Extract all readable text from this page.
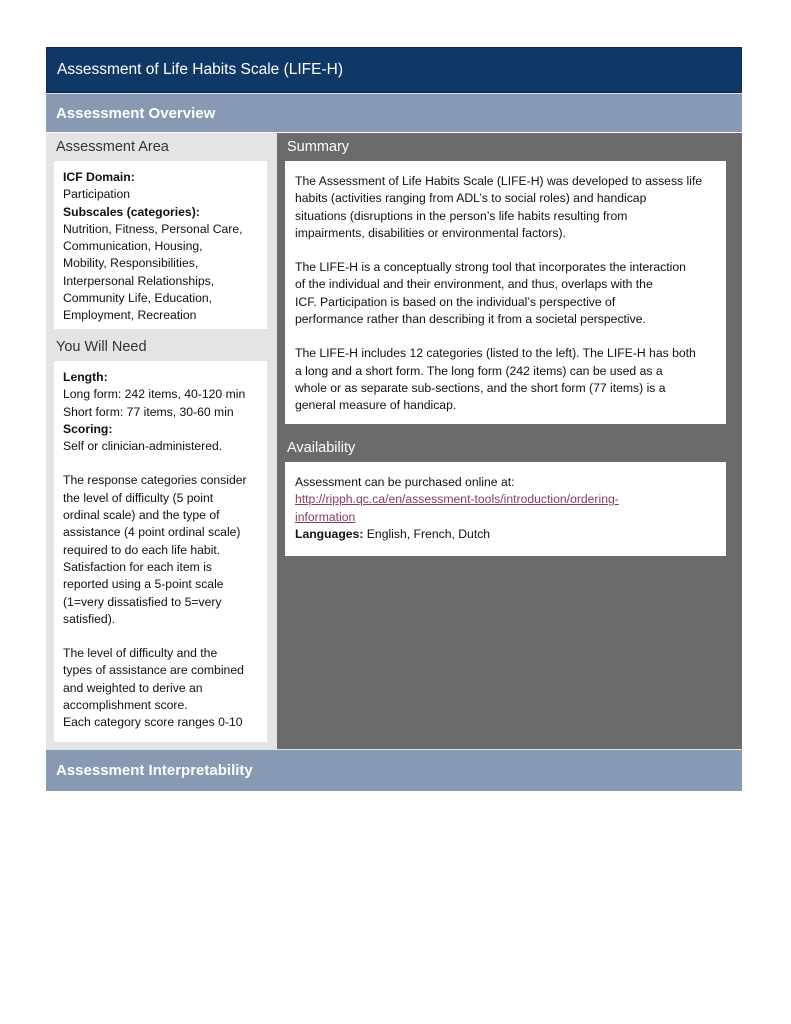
Assessment of Life Habits Scale (LIFE-H)
Assessment Overview
Assessment Area

ICF Domain:

Participation

Subscales (categories):

Nutrition, Fitness, Personal Care,

Communication, Housing,

Mobility, Responsibilities,

Interpersonal Relationships,

Community Life, Education,

Employment, Recreation

You Will Need

Length:

Long form: 242 items, 40-120 min

Short form: 77 items, 30-60 min

Scoring:

Self or clinician-administered.

The response categories consider

the level of difficulty (5 point

ordinal scale) and the type of

assistance (4 point ordinal scale)

required to do each life habit.

Satisfaction for each item is

reported using a 5-point scale

(1=very dissatisfied to 5=very

satisfied).

The level of difficulty and the

types of assistance are combined

and weighted to derive an

accomplishment score.

Each category score ranges 0-10

Summary

The Assessment of Life Habits Scale (LIFE-H) was developed to assess life

habits (activities ranging from ADL’s to social roles) and handicap

situations (disruptions in the person’s life habits resulting from

impairments, disabilities or environmental factors).

The LIFE-H is a conceptually strong tool that incorporates the interaction

of the individual and their environment, and thus, overlaps with the

ICF. Participation is based on the individual’s perspective of

performance rather than describing it from a societal perspective.

The LIFE-H includes 12 categories (listed to the left). The LIFE-H has both

a long and a short form. The long form (242 items) can be used as a

whole or as separate sub-sections, and the short form (77 items) is a

general measure of handicap.

Availability

Assessment can be purchased online at:

http://ripph.qc.ca/en/assessment-tools/introduction/ordering-

information

Languages: English, French, Dutch

Assessment Interpretability
